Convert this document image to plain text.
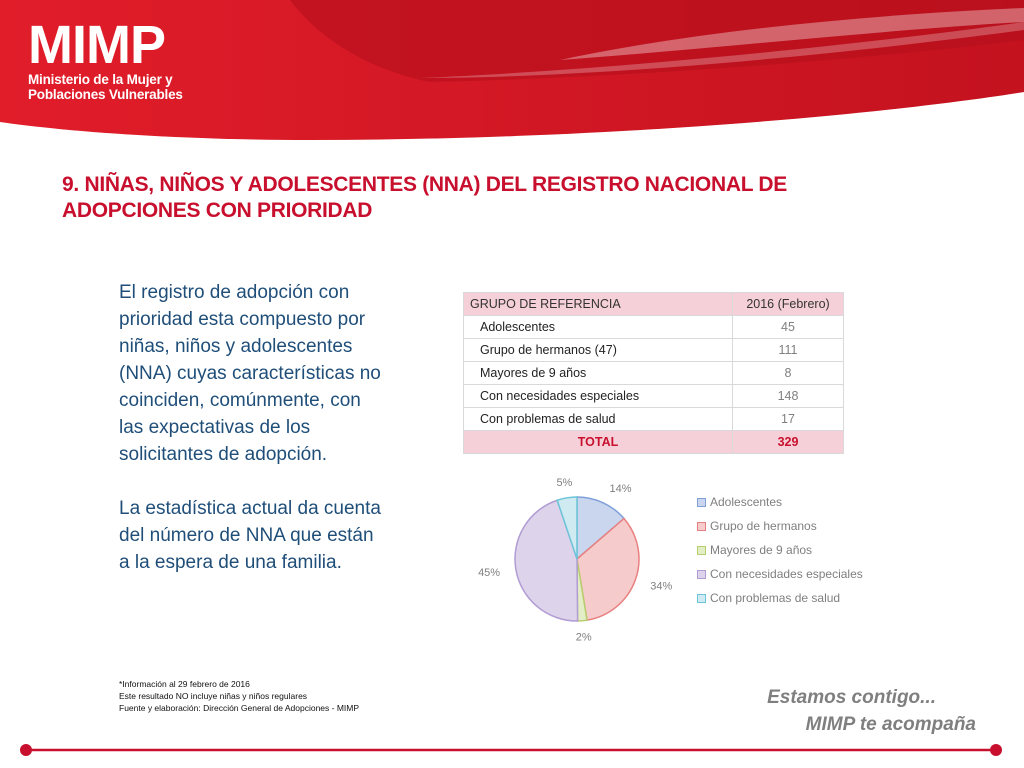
MIMP
Ministerio de la Mujer y
Poblaciones Vulnerables
9. NIÑAS, NIÑOS Y ADOLESCENTES (NNA) DEL REGISTRO NACIONAL DE
ADOPCIONES CON PRIORIDAD

El registro de adopción con prioridad esta compuesto por niñas, niños y adolescentes (NNA) cuyas características no coinciden, comúnmente, con las expectativas de los solicitantes de adopción.

La estadística actual da cuenta del número de NNA que están a la espera de una familia.

GRUPO DE REFERENCIA	2016 (Febrero)
Adolescentes	45
Grupo de hermanos (47)	111
Mayores de 9 años	8
Con necesidades especiales	148
Con problemas de salud	17
TOTAL	329
14%
34%
2%
45%
5%
Adolescentes
Grupo de hermanos
Mayores de 9 años
Con necesidades especiales
Con problemas de salud
*Información al 29 febrero de 2016
Este resultado NO incluye niñas y niños regulares
Fuente y elaboración: Dirección General de Adopciones - MIMP	Estamos contigo...
MIMP te acompaña
